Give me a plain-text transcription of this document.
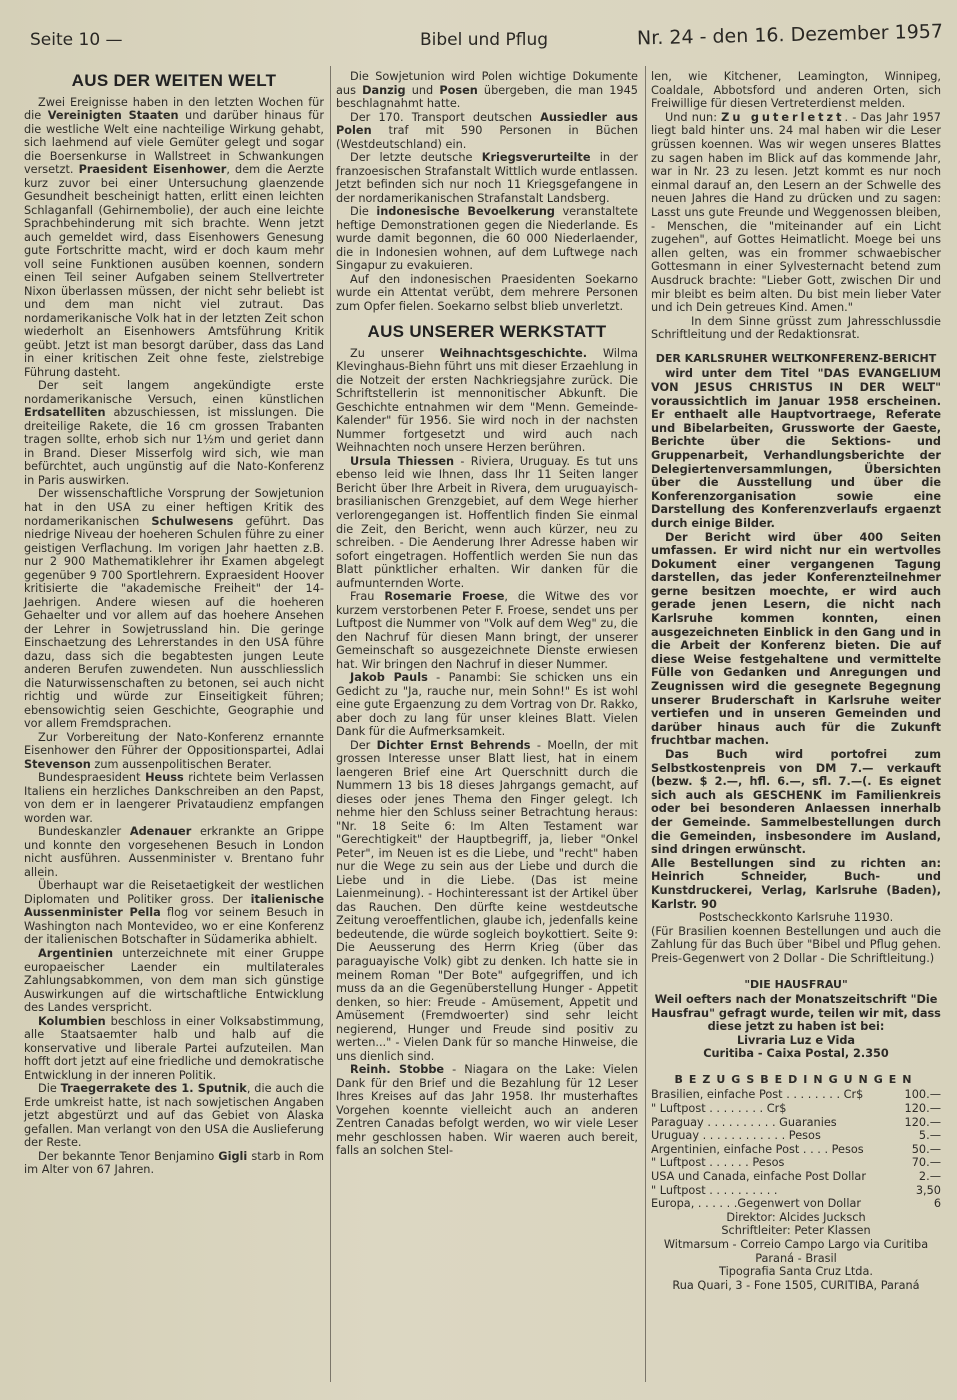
Seite 10 —	Bibel und Pflug	Nr. 24 - den 16. Dezember 1957
AUS DER WEITEN WELT

Zwei Ereignisse haben in den letzten Wochen für die Vereinigten Staaten und darüber hinaus für die westliche Welt eine nachteilige Wirkung gehabt, sich laehmend auf viele Gemüter gelegt und sogar die Boersenkurse in Wallstreet in Schwankungen versetzt. Praesident Eisenhower, dem die Aerzte kurz zuvor bei einer Untersuchung glaenzende Gesundheit bescheinigt hatten, erlitt einen leichten Schlaganfall (Gehirnembolie), der auch eine leichte Sprachbehinderung mit sich brachte. Wenn jetzt auch gemeldet wird, dass Eisenhowers Genesung gute Fortschritte macht, wird er doch kaum mehr voll seine Funktionen ausüben koennen, sondern einen Teil seiner Aufgaben seinem Stellvertreter Nixon überlassen müssen, der nicht sehr beliebt ist und dem man nicht viel zutraut. Das nordamerikanische Volk hat in der letzten Zeit schon wiederholt an Eisenhowers Amtsführung Kritik geübt. Jetzt ist man besorgt darüber, dass das Land in einer kritischen Zeit ohne feste, zielstrebige Führung dasteht.

Der seit langem angekündigte erste nordamerikanische Versuch, einen künstlichen Erdsatelliten abzuschiessen, ist misslungen. Die dreiteilige Rakete, die 16 cm grossen Trabanten tragen sollte, erhob sich nur 1½m und geriet dann in Brand. Dieser Misserfolg wird sich, wie man befürchtet, auch ungünstig auf die Nato-Konferenz in Paris auswirken.

Der wissenschaftliche Vorsprung der Sowjetunion hat in den USA zu einer heftigen Kritik des nordamerikanischen Schulwesens geführt. Das niedrige Niveau der hoeheren Schulen führe zu einer geistigen Verflachung. Im vorigen Jahr haetten z.B. nur 2 900 Mathematiklehrer ihr Examen abgelegt gegenüber 9 700 Sportlehrern. Expraesident Hoover kritisierte die "akademische Freiheit" der 14-Jaehrigen. Andere wiesen auf die hoeheren Gehaelter und vor allem auf das hoehere Ansehen der Lehrer in Sowjetrussland hin. Die geringe Einschaetzung des Lehrerstandes in den USA führe dazu, dass sich die begabtesten jungen Leute anderen Berufen zuwendeten. Nun ausschliesslich die Naturwissenschaften zu betonen, sei auch nicht richtig und würde zur Einseitigkeit führen; ebensowichtig seien Geschichte, Geographie und vor allem Fremdsprachen.

Zur Vorbereitung der Nato-Konferenz ernannte Eisenhower den Führer der Oppositionspartei, Adlai Stevenson zum aussenpolitischen Berater.

Bundespraesident Heuss richtete beim Verlassen Italiens ein herzliches Dankschreiben an den Papst, von dem er in laengerer Privataudienz empfangen worden war.

Bundeskanzler Adenauer erkrankte an Grippe und konnte den vorgesehenen Besuch in London nicht ausführen. Aussenminister v. Brentano fuhr allein.

Überhaupt war die Reisetaetigkeit der westlichen Diplomaten und Politiker gross. Der italienische Aussenminister Pella flog vor seinem Besuch in Washington nach Montevideo, wo er eine Konferenz der italienischen Botschafter in Südamerika abhielt.

Argentinien unterzeichnete mit einer Gruppe europaeischer Laender ein multilaterales Zahlungsabkommen, von dem man sich günstige Auswirkungen auf die wirtschaftliche Entwicklung des Landes verspricht.

Kolumbien beschloss in einer Volksabstimmung, alle Staatsaemter halb und halb auf die konservative und liberale Partei aufzuteilen. Man hofft dort jetzt auf eine friedliche und demokratische Entwicklung in der inneren Politik.

Die Traegerrakete des 1. Sputnik, die auch die Erde umkreist hatte, ist nach sowjetischen Angaben jetzt abgestürzt und auf das Gebiet von Alaska gefallen. Man verlangt von den USA die Auslieferung der Reste.

Der bekannte Tenor Benjamino Gigli starb in Rom im Alter von 67 Jahren.

Die Sowjetunion wird Polen wichtige Dokumente aus Danzig und Posen übergeben, die man 1945 beschlagnahmt hatte.

Der 170. Transport deutschen Aussiedler aus Polen traf mit 590 Personen in Büchen (Westdeutschland) ein.

Der letzte deutsche Kriegsverurteilte in der franzoesischen Strafanstalt Wittlich wurde entlassen. Jetzt befinden sich nur noch 11 Kriegsgefangene in der nordamerikanischen Strafanstalt Landsberg.

Die indonesische Bevoelkerung veranstaltete heftige Demonstrationen gegen die Niederlande. Es wurde damit begonnen, die 60 000 Niederlaender, die in Indonesien wohnen, auf dem Luftwege nach Singapur zu evakuieren.

Auf den indonesischen Praesidenten Soekarno wurde ein Attentat verübt, dem mehrere Personen zum Opfer fielen. Soekarno selbst blieb unverletzt.

AUS UNSERER WERKSTATT

Zu unserer Weihnachtsgeschichte. Wilma Klevinghaus-Biehn führt uns mit dieser Erzaehlung in die Notzeit der ersten Nachkriegsjahre zurück. Die Schriftstellerin ist mennonitischer Abkunft. Die Geschichte entnahmen wir dem "Menn. Gemeinde-Kalender" für 1956. Sie wird noch in der nachsten Nummer fortgesetzt und wird auch nach Weihnachten noch unsere Herzen berühren.

Ursula Thiessen - Riviera, Uruguay. Es tut uns ebenso leid wie Ihnen, dass Ihr 11 Seiten langer Bericht über Ihre Arbeit in Rivera, dem uruguayisch-brasilianischen Grenzgebiet, auf dem Wege hierher verlorengegangen ist. Hoffentlich finden Sie einmal die Zeit, den Bericht, wenn auch kürzer, neu zu schreiben. - Die Aenderung Ihrer Adresse haben wir sofort eingetragen. Hoffentlich werden Sie nun das Blatt pünktlicher erhalten. Wir danken für die aufmunternden Worte.

Frau Rosemarie Froese, die Witwe des vor kurzem verstorbenen Peter F. Froese, sendet uns per Luftpost die Nummer von "Volk auf dem Weg" zu, die den Nachruf für diesen Mann bringt, der unserer Gemeinschaft so ausgezeichnete Dienste erwiesen hat. Wir bringen den Nachruf in dieser Nummer.

Jakob Pauls - Panambi: Sie schicken uns ein Gedicht zu "Ja, rauche nur, mein Sohn!" Es ist wohl eine gute Ergaenzung zu dem Vortrag von Dr. Rakko, aber doch zu lang für unser kleines Blatt. Vielen Dank für die Aufmerksamkeit.

Der Dichter Ernst Behrends - Moelln, der mit grossen Interesse unser Blatt liest, hat in einem laengeren Brief eine Art Querschnitt durch die Nummern 13 bis 18 dieses Jahrgangs gemacht, auf dieses oder jenes Thema den Finger gelegt. Ich nehme hier den Schluss seiner Betrachtung heraus: "Nr. 18 Seite 6: Im Alten Testament war "Gerechtigkeit" der Hauptbegriff, ja, lieber "Onkel Peter", im Neuen ist es die Liebe, und "recht" haben nur die Wege zu sein aus der Liebe und durch die Liebe und in die Liebe. (Das ist meine Laienmeinung). - Hochinteressant ist der Artikel über das Rauchen. Den dürfte keine westdeutsche Zeitung veroeffentlichen, glaube ich, jedenfalls keine bedeutende, die würde sogleich boykottiert. Seite 9: Die Aeusserung des Herrn Krieg (über das paraguayische Volk) gibt zu denken. Ich hatte sie in meinem Roman "Der Bote" aufgegriffen, und ich muss da an die Gegenüberstellung Hunger - Appetit denken, so hier: Freude - Amüsement, Appetit und Amüsement (Fremdwoerter) sind sehr leicht negierend, Hunger und Freude sind positiv zu werten..." - Vielen Dank für so manche Hinweise, die uns dienlich sind.

Reinh. Stobbe - Niagara on the Lake: Vielen Dank für den Brief und die Bezahlung für 12 Leser Ihres Kreises auf das Jahr 1958. Ihr musterhaftes Vorgehen koennte vielleicht auch an anderen Zentren Canadas befolgt werden, wo wir viele Leser mehr geschlossen haben. Wir waeren auch bereit, falls an solchen Stel-

len, wie Kitchener, Leamington, Winnipeg, Coaldale, Abbotsford und anderen Orten, sich Freiwillige für diesen Vertreterdienst melden.

Und nun: Zu guterletzt. - Das Jahr 1957 liegt bald hinter uns. 24 mal haben wir die Leser grüssen koennen. Was wir wegen unseres Blattes zu sagen haben im Blick auf das kommende Jahr, war in Nr. 23 zu lesen. Jetzt kommt es nur noch einmal darauf an, den Lesern an der Schwelle des neuen Jahres die Hand zu drücken und zu sagen: Lasst uns gute Freunde und Weggenossen bleiben, - Menschen, die "miteinander auf ein Licht zugehen", auf Gottes Heimatlicht. Moege bei uns allen gelten, was ein frommer schwaebischer Gottesmann in einer Sylvesternacht betend zum Ausdruck brachte: "Lieber Gott, zwischen Dir und mir bleibt es beim alten. Du bist mein lieber Vater und ich Dein getreues Kind. Amen."

In dem Sinne grüsst zum Jahresschlussdie Schriftleitung und der Redaktionsrat.

DER KARLSRUHER WELTKONFERENZ-BERICHT

wird unter dem Titel "DAS EVANGELIUM VON JESUS CHRISTUS IN DER WELT" voraussichtlich im Januar 1958 erscheinen. Er enthaelt alle Hauptvortraege, Referate und Bibelarbeiten, Grussworte der Gaeste, Berichte über die Sektions- und Gruppenarbeit, Verhandlungsberichte der Delegiertenversammlungen, Übersichten über die Ausstellung und über die Konferenzorganisation sowie eine Darstellung des Konferenzverlaufs ergaenzt durch einige Bilder.

Der Bericht wird über 400 Seiten umfassen. Er wird nicht nur ein wertvolles Dokument einer vergangenen Tagung darstellen, das jeder Konferenzteilnehmer gerne besitzen moechte, er wird auch gerade jenen Lesern, die nicht nach Karlsruhe kommen konnten, einen ausgezeichneten Einblick in den Gang und in die Arbeit der Konferenz bieten. Die auf diese Weise festgehaltene und vermittelte Fülle von Gedanken und Anregungen und Zeugnissen wird die gesegnete Begegnung unserer Bruderschaft in Karlsruhe weiter vertiefen und in unseren Gemeinden und darüber hinaus auch für die Zukunft fruchtbar machen.

Das Buch wird portofrei zum Selbstkostenpreis von DM 7.— verkauft (bezw. $ 2.—, hfl. 6.—, sfl. 7.—(. Es eignet sich auch als GESCHENK im Familienkreis oder bei besonderen Anlaessen innerhalb der Gemeinde. Sammelbestellungen durch die Gemeinden, insbesondere im Ausland, sind dringen erwünscht.

Alle Bestellungen sind zu richten an: Heinrich Schneider, Buch- und Kunstdruckerei, Verlag, Karlsruhe (Baden), Karlstr. 90

Postscheckkonto Karlsruhe 11930.

(Für Brasilien koennen Bestellungen und auch die Zahlung für das Buch über "Bibel und Pflug gehen. Preis-Gegenwert von 2 Dollar - Die Schriftleitung.)

"DIE HAUSFRAU"

Weil oefters nach der Monatszeitschrift "Die Hausfrau" gefragt wurde, teilen wir mit, dass diese jetzt zu haben ist bei:

Livraria Luz e Vida

Curitiba - Caixa Postal, 2.350

BEZUGSBEDINGUNGEN
Brasilien, einfache Post . . . . . . . . Cr$	100.—
" Luftpost . . . . . . . . Cr$	120.—
Paraguay . . . . . . . . . . Guaranies	120.—
Uruguay . . . . . . . . . . . . Pesos	5.—
Argentinien, einfache Post . . . . Pesos	50.—
" Luftpost . . . . . . Pesos	70.—
USA und Canada, einfache Post Dollar	2.—
" Luftpost . . . . . . . . . .	3,50
Europa, . . . . . .Gegenwert von Dollar	6

Direktor: Alcides Jucksch

Schriftleiter: Peter Klassen

Witmarsum - Correio Campo Largo via Curitiba

Paraná - Brasil

Tipografia Santa Cruz Ltda.

Rua Quari, 3 - Fone 1505, CURITIBA, Paraná
